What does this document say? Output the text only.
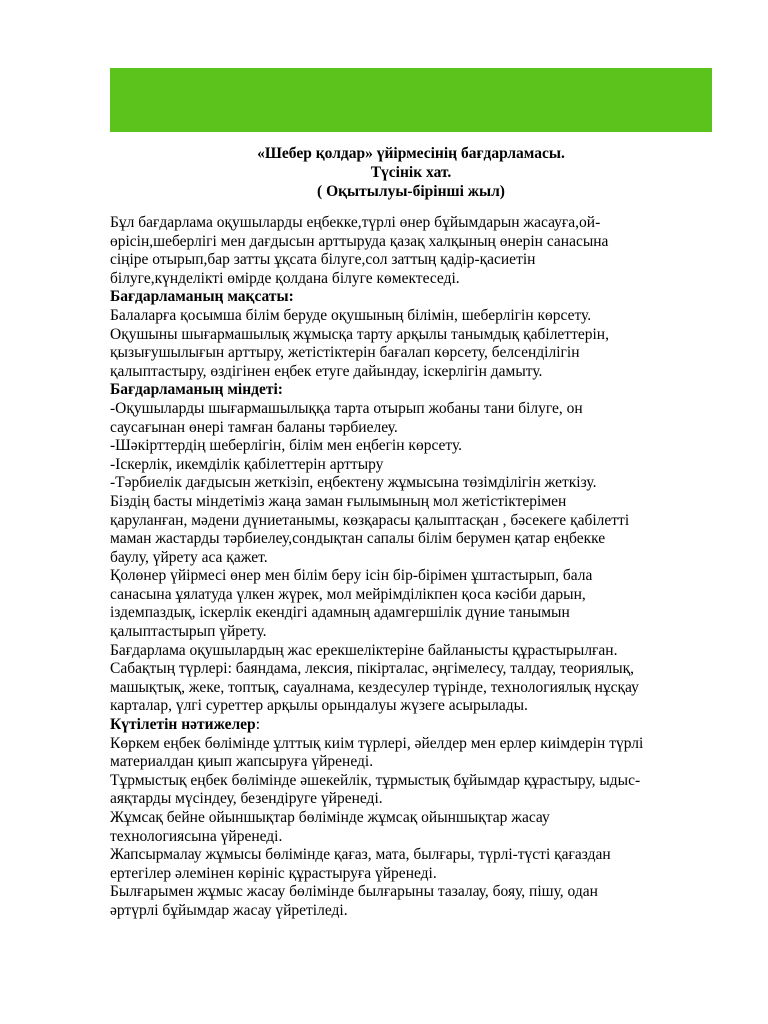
«Шебер қолдар» үйірмесінің бағдарламасы.
Түсінік хат.
( Оқытылуы-бірінші жыл)

Бұл бағдарлама оқушыларды еңбекке,түрлі өнер бұйымдарын жасауға,ой-

өрісін,шеберлігі мен дағдысын арттыруда қазақ халқының өнерін санасына

сіңіре отырып,бар затты ұқсата білуге,сол заттың қадір-қасиетін

білуге,күнделікті өмірде қолдана білуге көмектеседі.

Бағдарламаның мақсаты:

Балаларға қосымша білім беруде оқушының білімін, шеберлігін көрсету.

Оқушыны шығармашылық жұмысқа тарту арқылы танымдық қабілеттерін,

қызығушылығын арттыру, жетістіктерін бағалап көрсету, белсенділігін

қалыптастыру, өздігінен еңбек етуге дайындау, іскерлігін дамыту.

Бағдарламаның міндеті:

-Оқушыларды шығармашылыққа тарта отырып жобаны тани білуге, он

саусағынан өнері тамған баланы тәрбиелеу.

-Шәкірттердің шеберлігін, білім мен еңбегін көрсету.

-Іскерлік, икемділік қабілеттерін арттыру

-Тәрбиелік дағдысын жеткізіп, еңбектену жұмысына төзімділігін жеткізу.

Біздің басты міндетіміз жаңа заман ғылымының мол жетістіктерімен

қаруланған, мәдени дүниетанымы, көзқарасы қалыптасқан , бәсекеге қабілетті

маман жастарды тәрбиелеу,сондықтан сапалы білім берумен қатар еңбекке

баулу, үйрету аса қажет.

Қолөнер үйірмесі өнер мен білім беру ісін бір-бірімен ұштастырып, бала

санасына ұялатуда үлкен жүрек, мол мейрімділікпен қоса кәсіби дарын,

іздемпаздық, іскерлік екендігі адамның адамгершілік дүние танымын

қалыптастырып үйрету.

Бағдарлама оқушылардың жас ерекшеліктеріне байланысты құрастырылған.

Сабақтың түрлері: баяндама, лексия, пікірталас, әңгімелесу, талдау, теориялық,

машықтық, жеке, топтық, сауалнама, кездесулер түрінде, технологиялық нұсқау

карталар, үлгі суреттер арқылы орындалуы жүзеге асырылады.

Күтілетін нәтижелер:

Көркем еңбек бөлімінде ұлттық киім түрлері, әйелдер мен ерлер киімдерін түрлі

материалдан қиып жапсыруға үйренеді.

Тұрмыстық еңбек бөлімінде әшекейлік, тұрмыстық бұйымдар құрастыру, ыдыс-

аяқтарды мүсіндеу, безендіруге үйренеді.

Жұмсақ бейне ойыншықтар бөлімінде жұмсақ ойыншықтар жасау

технологиясына үйренеді.

Жапсырмалау жұмысы бөлімінде қағаз, мата, былғары, түрлі-түсті қағаздан

ертегілер әлемінен көрініс құрастыруға үйренеді.

Былғарымен жұмыс жасау бөлімінде былғарыны тазалау, бояу, пішу, одан

әртүрлі бұйымдар жасау үйретіледі.
